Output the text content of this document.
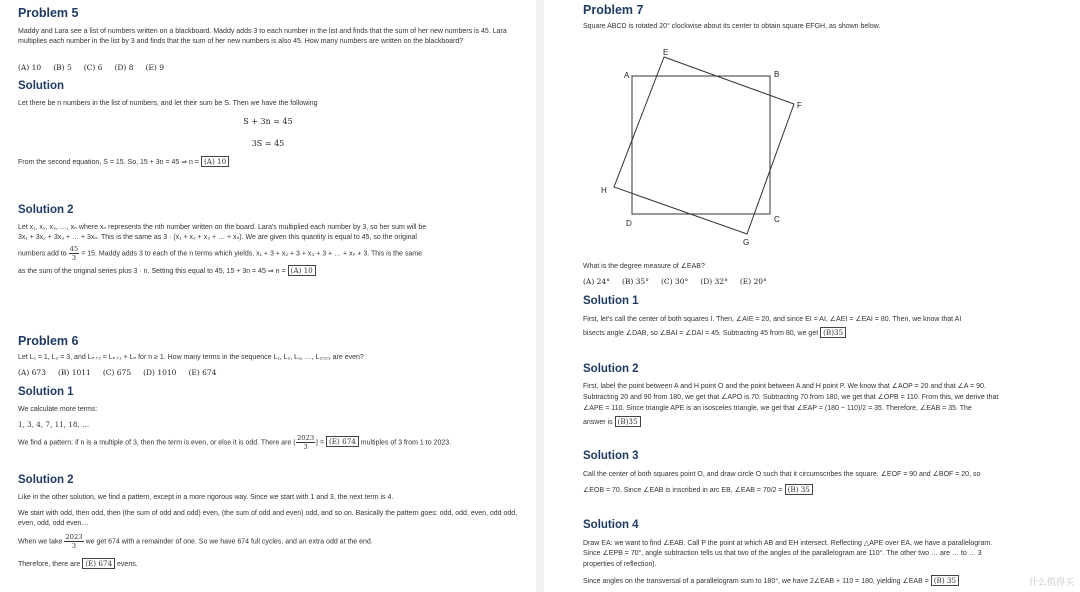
Problem 5

Maddy and Lara see a list of numbers written on a blackboard. Maddy adds 3 to each number in the list and finds that the sum of her new numbers is 45. Lara multiplies each number in the list by 3 and finds that the sum of her new numbers is also 45. How many numbers are written on the blackboard?

(A) 10 (B) 5 (C) 6 (D) 8 (E) 9
Solution

Let there be n numbers in the list of numbers, and let their sum be S. Then we have the following

S + 3n = 45
3S = 45
From the second equation, S = 15. So, 15 + 3n = 45 ⇒ n = (A) 10
Solution 2
Let x₁, x₂, x₃, …, xₙ where xₙ represents the nth number written on the board. Lara's multiplied each number by 3, so her sum will be
3x₁ + 3x₂ + 3x₃ + … + 3xₙ. This is the same as 3 · (x₁ + x₂ + x₃ + … + xₙ). We are given this quantity is equal to 45, so the original
numbers add to $\frac{45}{3} = 15$. Maddy adds 3 to each of the n terms which yields, x₁ + 3 + x₂ + 3 + x₃ + 3 + … + xₙ + 3. This is the same
as the sum of the original series plus 3 · n. Setting this equal to 45, 15 + 3n = 45 ⇒ n = (A) 10
Problem 6

Let L₁ = 1, L₂ = 3, and Lₙ₊₂ = Lₙ₊₁ + Lₙ for n ≥ 1. How many terms in the sequence L₁, L₂, L₃, …, L₂₀₂₃ are even?

(A) 673 (B) 1011 (C) 675 (D) 1010 (E) 674
Solution 1

We calculate more terms:

1, 3, 4, 7, 11, 18, …
We find a pattern: if n is a multiple of 3, then the term is even, or else it is odd. There are ⌊ $\frac{2023}{3}$ ⌋ = (E) 674 multiples of 3 from 1 to 2023.
Solution 2

Like in the other solution, we find a pattern, except in a more rigorous way. Since we start with 1 and 3, the next term is 4.

We start with odd, then odd, then (the sum of odd and odd) even, (the sum of odd and even) odd, and so on. Basically the pattern goes: odd, odd, even, odd odd, even, odd, odd even…

When we take $\frac{2023}{3}$ we get 674 with a remainder of one. So we have 674 full cycles, and an extra odd at the end.
Therefore, there are (E) 674 evens.
Problem 7

Square ABCD is rotated 20° clockwise about its center to obtain square EFGH, as shown below.

A	B
C
D
E
F
G
H

What is the degree measure of ∠EAB?

(A) 24° (B) 35° (C) 30° (D) 32° (E) 20°
Solution 1

First, let's call the center of both squares I. Then, ∠AIE = 20, and since EI = AI, ∠AEI = ∠EAI = 80. Then, we know that AI

bisects angle ∠DAB, so ∠BAI = ∠DAI = 45. Subtracting 45 from 80, we get (B)35
Solution 2

First, label the point between A and H point O and the point between A and H point P. We know that ∠AOP = 20 and that ∠A = 90.

Subtracting 20 and 90 from 180, we get that ∠APO is 70. Subtracting 70 from 180, we get that ∠OPB = 110. From this, we derive that

∠APE = 110. Since triangle APE is an isosceles triangle, we get that ∠EAP = (180 − 110)/2 = 35. Therefore, ∠EAB = 35. The

answer is (B)35
Solution 3

Call the center of both squares point O, and draw circle O such that it circumscribes the square. ∠EOF = 90 and ∠BOF = 20, so

∠EOB = 70. Since ∠EAB is inscribed in arc EB, ∠EAB = 70/2 = (B) 35
Solution 4

Draw EA: we want to find ∠EAB. Call P the point at which AB and EH intersect. Reflecting △APE over EA, we have a parallelogram.

Since ∠EPB = 70°, angle subtraction tells us that two of the angles of the parallelogram are 110°. The other two … are … to … 3

properties of reflection).

Since angles on the transversal of a parallelogram sum to 180°, we have 2∠EAB + 110 = 180, yielding ∠EAB = (B) 35	什么值得买
